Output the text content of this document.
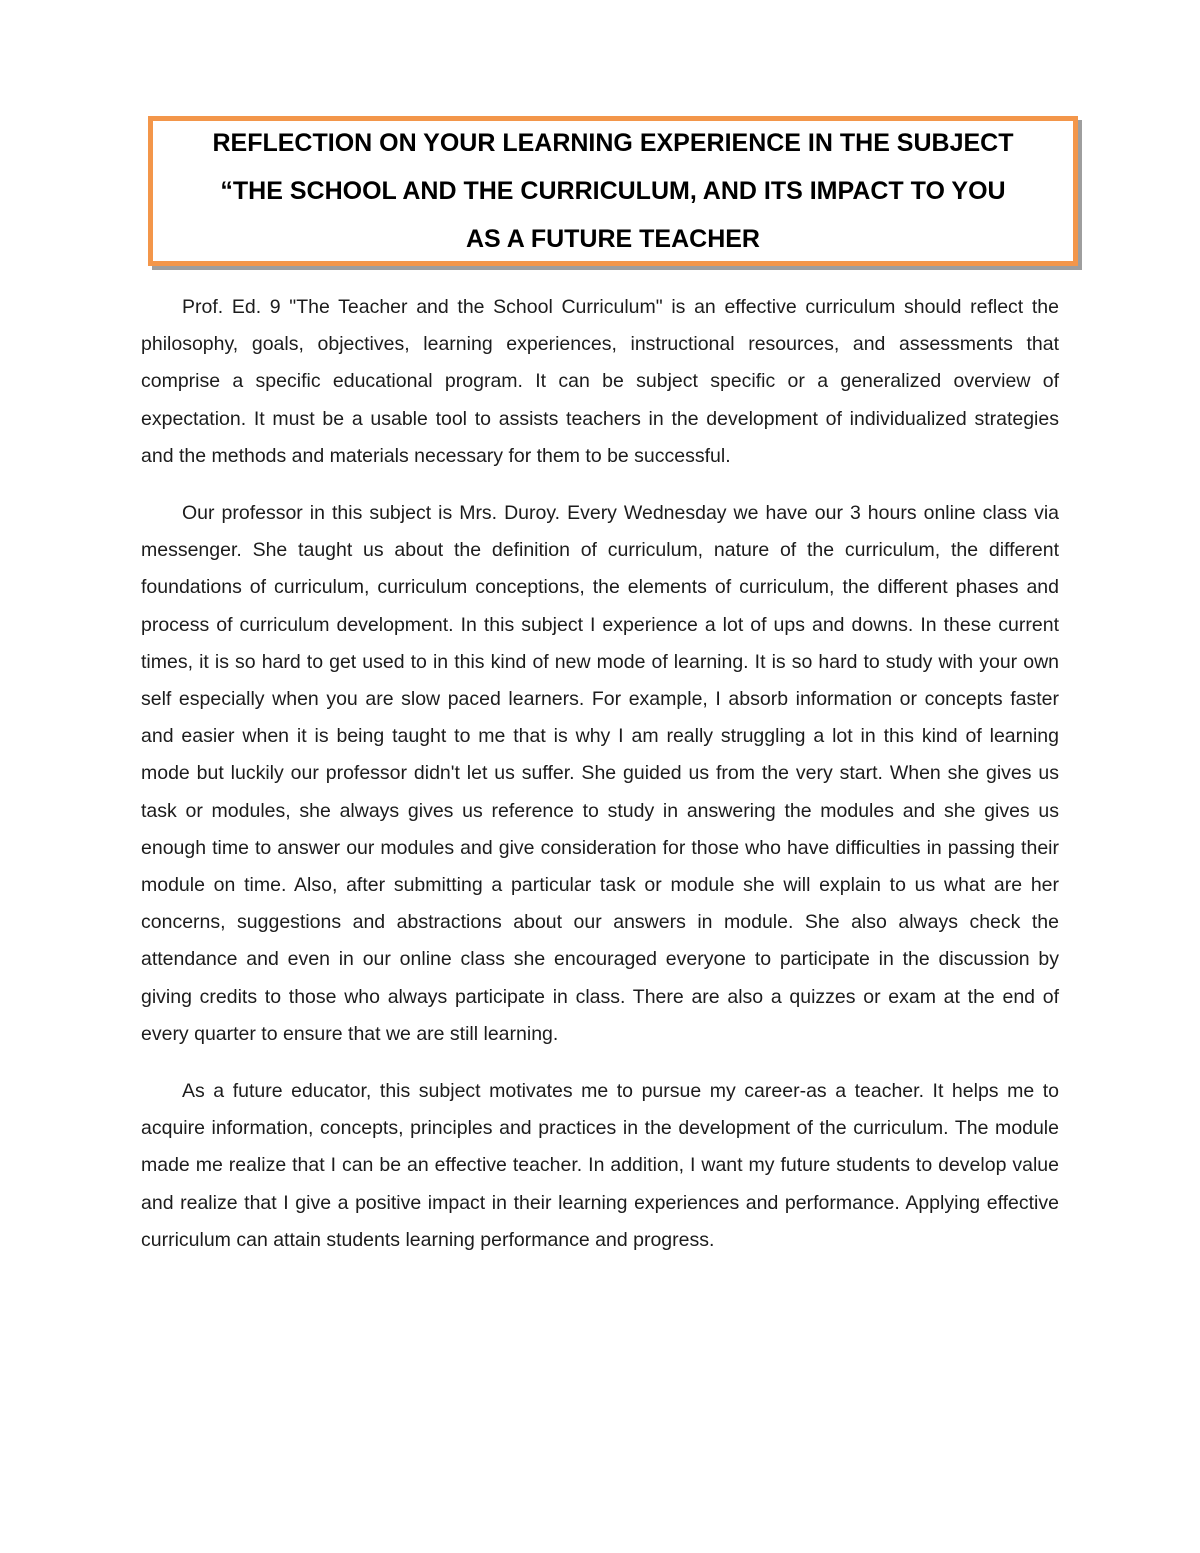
REFLECTION ON YOUR LEARNING EXPERIENCE IN THE SUBJECT
“THE SCHOOL AND THE CURRICULUM, AND ITS IMPACT TO YOU
AS A FUTURE TEACHER

Prof. Ed. 9 "The Teacher and the School Curriculum" is an effective curriculum should reflect the philosophy, goals, objectives, learning experiences, instructional resources, and assessments that comprise a specific educational program. It can be subject specific or a generalized overview of expectation. It must be a usable tool to assists teachers in the development of individualized strategies and the methods and materials necessary for them to be successful.

Our professor in this subject is Mrs. Duroy. Every Wednesday we have our 3 hours online class via messenger. She taught us about the definition of curriculum, nature of the curriculum, the different foundations of curriculum, curriculum conceptions, the elements of curriculum, the different phases and process of curriculum development. In this subject I experience a lot of ups and downs. In these current times, it is so hard to get used to in this kind of new mode of learning. It is so hard to study with your own self especially when you are slow paced learners. For example, I absorb information or concepts faster and easier when it is being taught to me that is why I am really struggling a lot in this kind of learning mode but luckily our professor didn't let us suffer. She guided us from the very start. When she gives us task or modules, she always gives us reference to study in answering the modules and she gives us enough time to answer our modules and give consideration for those who have difficulties in passing their module on time. Also, after submitting a particular task or module she will explain to us what are her concerns, suggestions and abstractions about our answers in module. She also always check the attendance and even in our online class she encouraged everyone to participate in the discussion by giving credits to those who always participate in class. There are also a quizzes or exam at the end of every quarter to ensure that we are still learning.

As a future educator, this subject motivates me to pursue my career-as a teacher. It helps me to acquire information, concepts, principles and practices in the development of the curriculum. The module made me realize that I can be an effective teacher. In addition, I want my future students to develop value and realize that I give a positive impact in their learning experiences and performance. Applying effective curriculum can attain students learning performance and progress.
